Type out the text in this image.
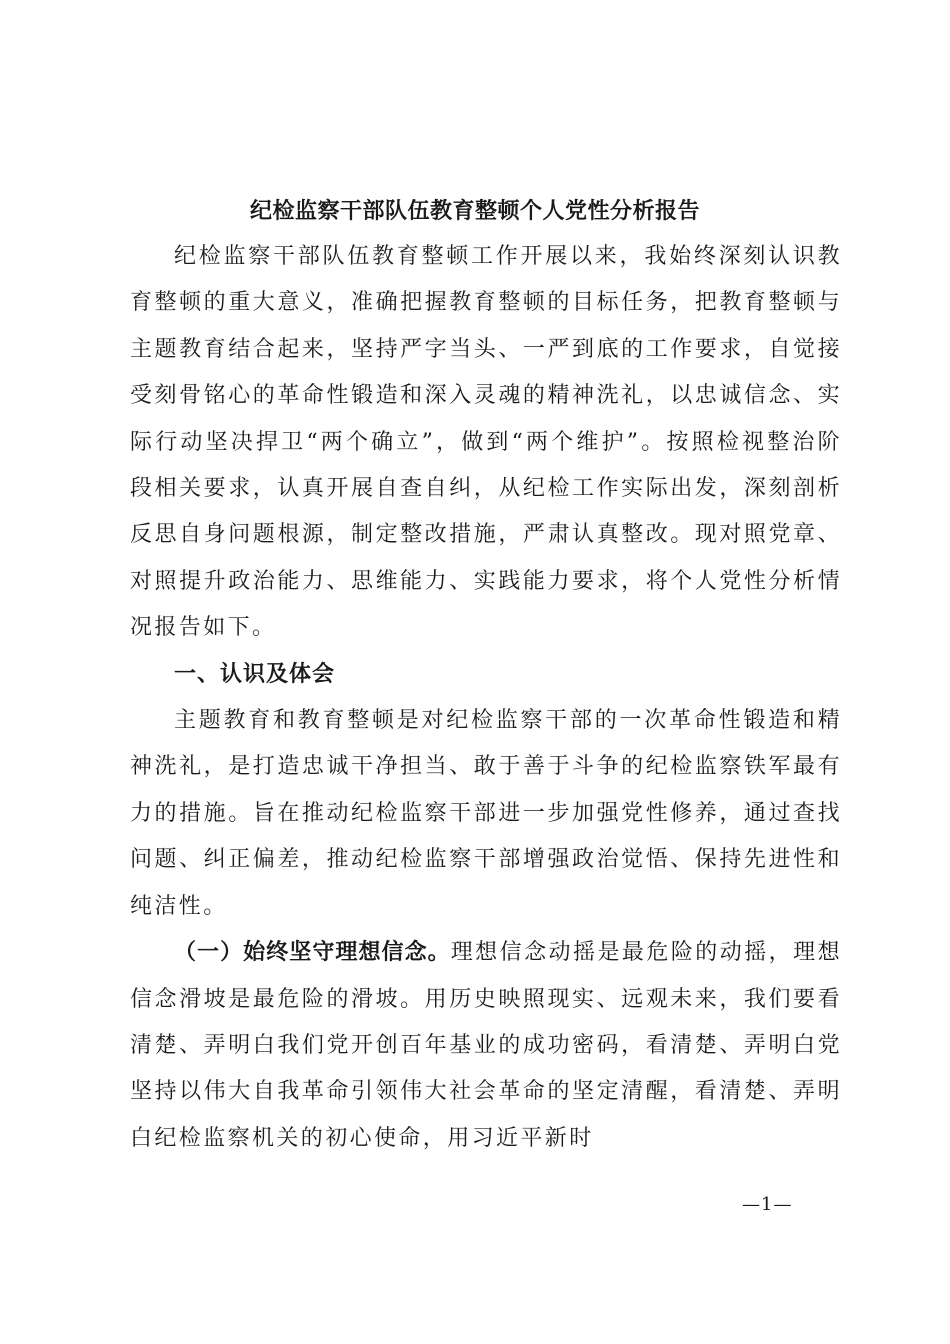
纪检监察干部队伍教育整顿个人党性分析报告

纪检监察干部队伍教育整顿工作开展以来，我始终深刻认识教育整顿的重大意义，准确把握教育整顿的目标任务，把教育整顿与主题教育结合起来，坚持严字当头、一严到底的工作要求，自觉接受刻骨铭心的革命性锻造和深入灵魂的精神洗礼，以忠诚信念、实际行动坚决捍卫“两个确立”，做到“两个维护”。按照检视整治阶段相关要求，认真开展自查自纠，从纪检工作实际出发，深刻剖析反思自身问题根源，制定整改措施，严肃认真整改。现对照党章、对照提升政治能力、思维能力、实践能力要求，将个人党性分析情况报告如下。

一、认识及体会

主题教育和教育整顿是对纪检监察干部的一次革命性锻造和精神洗礼，是打造忠诚干净担当、敢于善于斗争的纪检监察铁军最有力的措施。旨在推动纪检监察干部进一步加强党性修养，通过查找问题、纠正偏差，推动纪检监察干部增强政治觉悟、保持先进性和纯洁性。

（一）始终坚守理想信念。理想信念动摇是最危险的动摇，理想信念滑坡是最危险的滑坡。用历史映照现实、远观未来，我们要看清楚、弄明白我们党开创百年基业的成功密码，看清楚、弄明白党坚持以伟大自我革命引领伟大社会革命的坚定清醒，看清楚、弄明白纪检监察机关的初心使命，用习近平新时

—1—
